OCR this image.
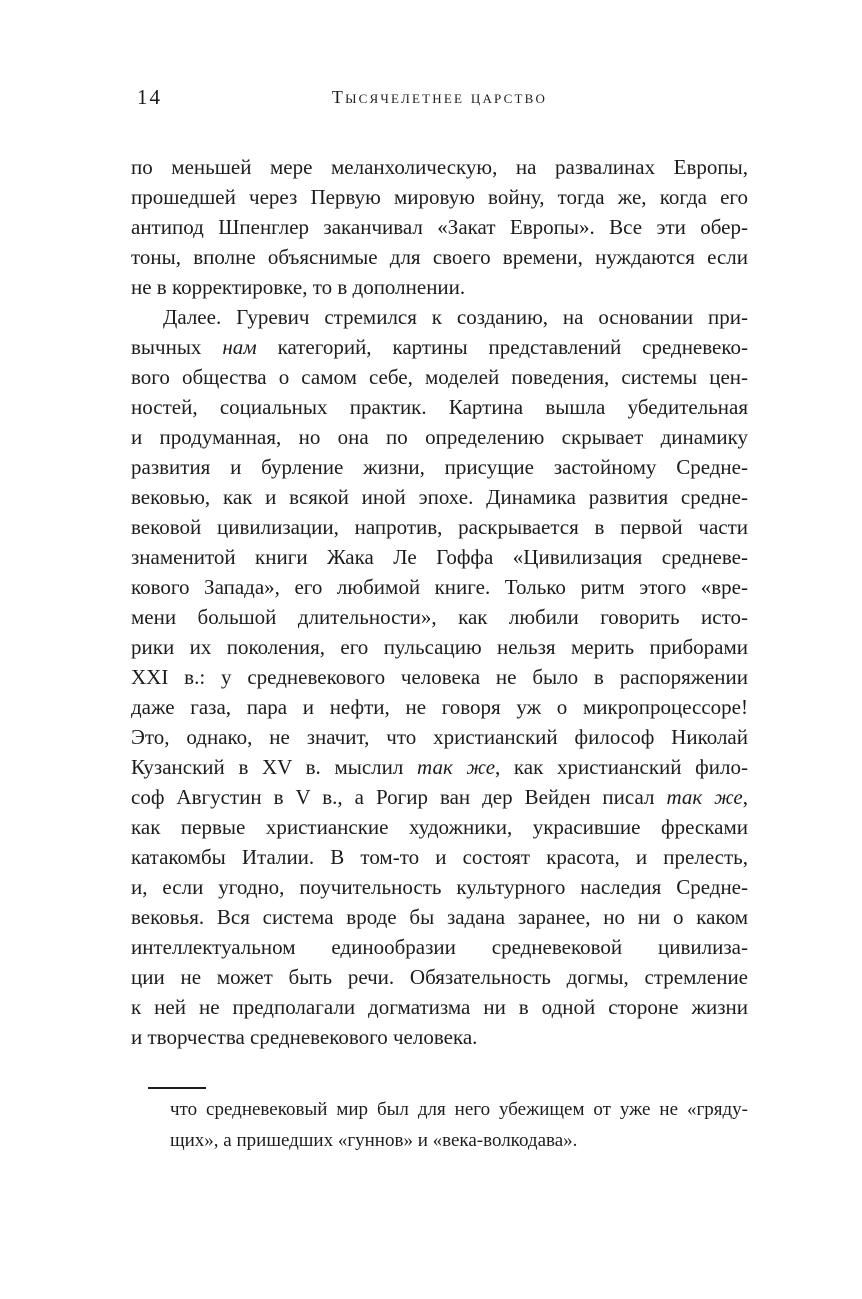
14	Тысячелетнее царство
по меньшей мере меланхолическую, на развалинах Европы,
прошедшей через Первую мировую войну, тогда же, когда его
антипод Шпенглер заканчивал «Закат Европы». Все эти обер-
тоны, вполне объяснимые для своего времени, нуждаются если
не в корректировке, то в дополнении.
Далее. Гуревич стремился к созданию, на основании при-
вычных нам категорий, картины представлений средневеко-
вого общества о самом себе, моделей поведения, системы цен-
ностей, социальных практик. Картина вышла убедительная
и продуманная, но она по определению скрывает динамику
развития и бурление жизни, присущие застойному Средне-
вековью, как и всякой иной эпохе. Динамика развития средне-
вековой цивилизации, напротив, раскрывается в первой части
знаменитой книги Жака Ле Гоффа «Цивилизация средневе-
кового Запада», его любимой книге. Только ритм этого «вре-
мени большой длительности», как любили говорить исто-
рики их поколения, его пульсацию нельзя мерить приборами
XXI в.: у средневекового человека не было в распоряжении
даже газа, пара и нефти, не говоря уж о микропроцессоре!
Это, однако, не значит, что христианский философ Николай
Кузанский в XV в. мыслил так же, как христианский фило-
соф Августин в V в., а Рогир ван дер Вейден писал так же,
как первые христианские художники, украсившие фресками
катакомбы Италии. В том-то и состоят красота, и прелесть,
и, если угодно, поучительность культурного наследия Средне-
вековья. Вся система вроде бы задана заранее, но ни о каком
интеллектуальном единообразии средневековой цивилиза-
ции не может быть речи. Обязательность догмы, стремление
к ней не предполагали догматизма ни в одной стороне жизни
и творчества средневекового человека.
что средневековый мир был для него убежищем от уже не «гряду-
щих», а пришедших «гуннов» и «века-волкодава».
